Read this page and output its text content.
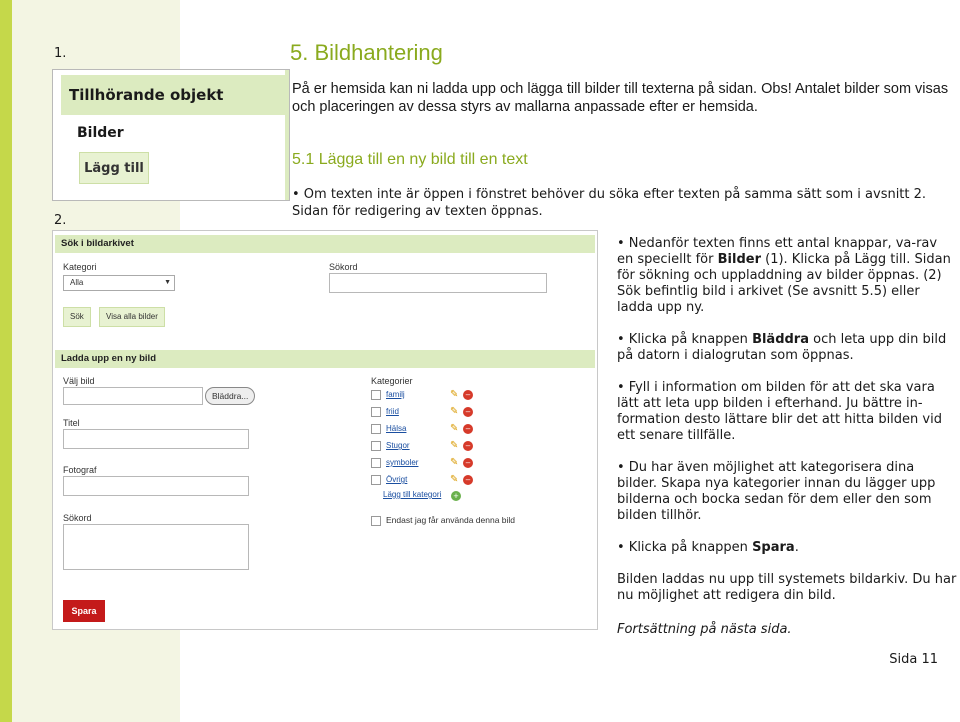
1.
2.
5. Bildhantering
På er hemsida kan ni ladda upp och lägga till bilder till texterna på sidan. Obs! Antalet bilder som visas och placeringen av dessa styrs av mallarna anpassade efter er hemsida.
5.1 Lägga till en ny bild till en text
• Om texten inte är öppen i fönstret behöver du söka efter texten på samma sätt som i avsnitt 2. Sidan för redigering av texten öppnas.
Tillhörande objekt
Bilder
Lägg till
Sök i bildarkivet
Kategori
Alla	▼
Sökord
Sök	Visa alla bilder
Ladda upp en ny bild
Välj bild
Bläddra...
Titel
Fotograf
Sökord
Kategorier
familj	✎ –
friid	✎ –
Hälsa	✎ –
Stugor	✎ –
symboler	✎ –
Övrigt	✎ –
Lägg till kategori +
Endast jag får använda denna bild
Spara
• Nedanför texten finns ett antal knappar, va-rav en speciellt för Bilder (1). Klicka på Lägg till. Sidan för sökning och uppladdning av bilder öppnas. (2) Sök befintlig bild i arkivet (Se avsnitt 5.5) eller ladda upp ny.
• Klicka på knappen Bläddra och leta upp din bild på datorn i dialogrutan som öppnas.
• Fyll i information om bilden för att det ska vara lätt att leta upp bilden i efterhand. Ju bättre in-formation desto lättare blir det att hitta bilden vid ett senare tillfälle.
• Du har även möjlighet att kategorisera dina bilder. Skapa nya kategorier innan du lägger upp bilderna och bocka sedan för dem eller den som bilden tillhör.
• Klicka på knappen Spara.
Bilden laddas nu upp till systemets bildarkiv. Du har nu möjlighet att redigera din bild.
Fortsättning på nästa sida.
Sida 11
